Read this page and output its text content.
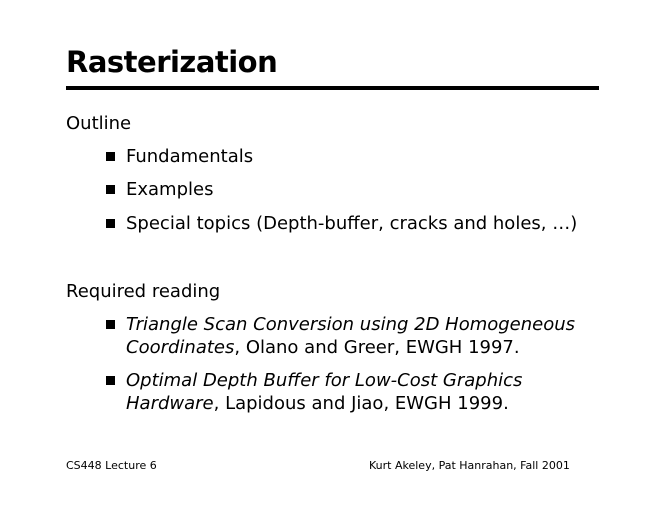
Rasterization
Outline
Fundamentals
Examples
Special topics (Depth-buffer, cracks and holes, …)
Required reading
Triangle Scan Conversion using 2D Homogeneous
Coordinates, Olano and Greer, EWGH 1997.
Optimal Depth Buffer for Low-Cost Graphics
Hardware, Lapidous and Jiao, EWGH 1999.
CS448 Lecture 6	Kurt Akeley, Pat Hanrahan, Fall 2001
